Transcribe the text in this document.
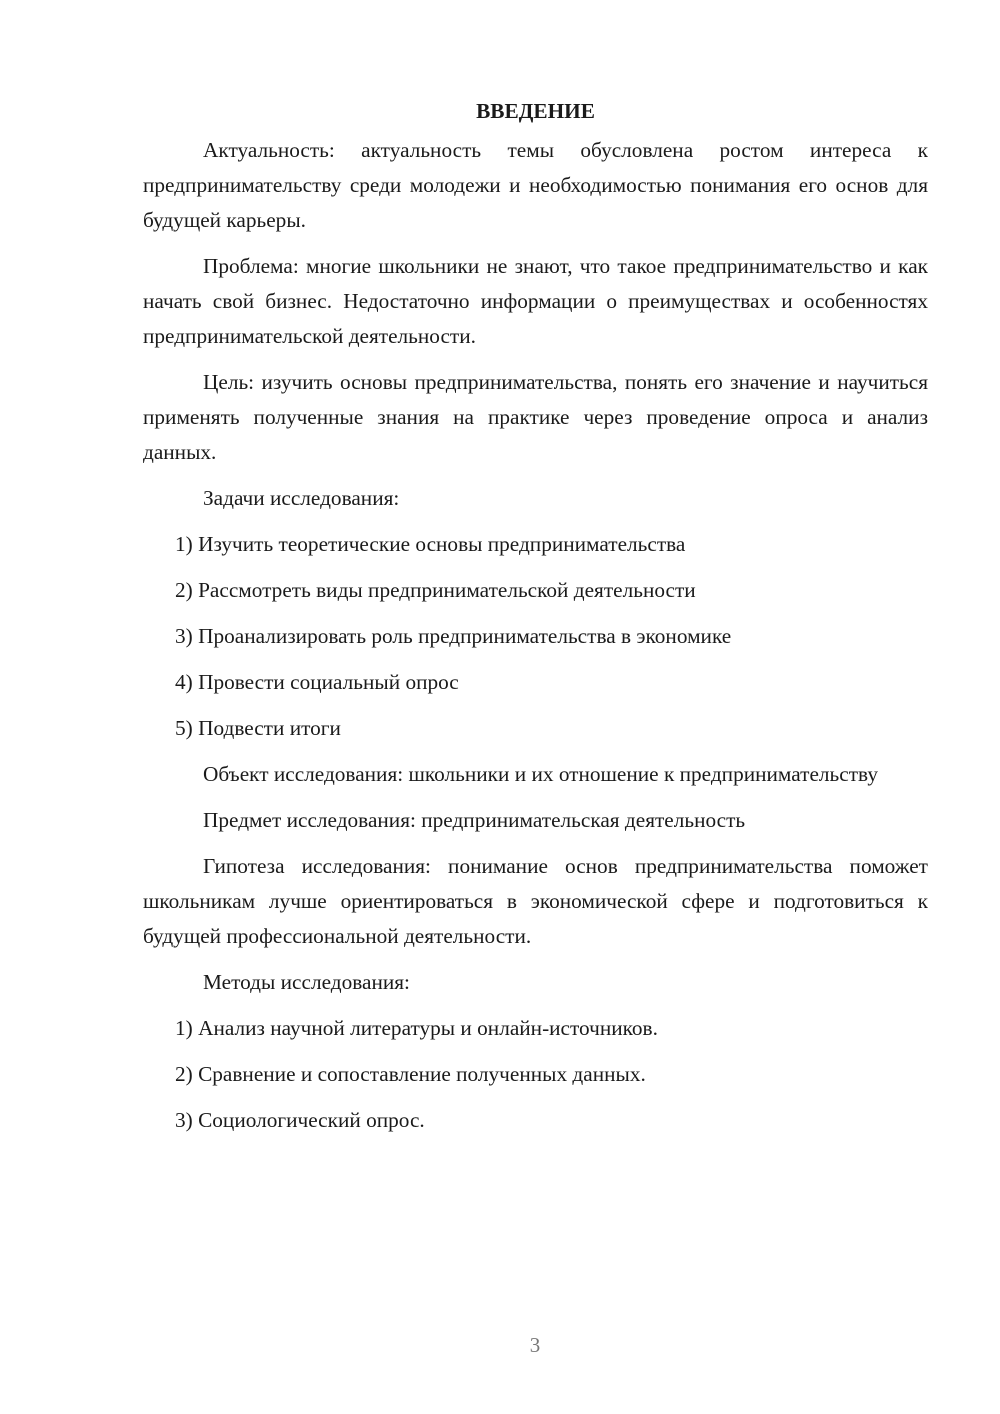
ВВЕДЕНИЕ

Актуальность: актуальность темы обусловлена ростом интереса к предпринимательству среди молодежи и необходимостью понимания его основ для будущей карьеры.

Проблема: многие школьники не знают, что такое предпринимательство и как начать свой бизнес. Недостаточно информации о преимуществах и особенностях предпринимательской деятельности.

Цель: изучить основы предпринимательства, понять его значение и научиться применять полученные знания на практике через проведение опроса и анализ данных.

Задачи исследования:

1) Изучить теоретические основы предпринимательства
2) Рассмотреть виды предпринимательской деятельности
3) Проанализировать роль предпринимательства в экономике
4) Провести социальный опрос
5) Подвести итоги

Объект исследования: школьники и их отношение к предпринимательству

Предмет исследования: предпринимательская деятельность

Гипотеза исследования: понимание основ предпринимательства поможет школьникам лучше ориентироваться в экономической сфере и подготовиться к будущей профессиональной деятельности.

Методы исследования:

1) Анализ научной литературы и онлайн-источников.
2) Сравнение и сопоставление полученных данных.
3) Социологический опрос.
3
